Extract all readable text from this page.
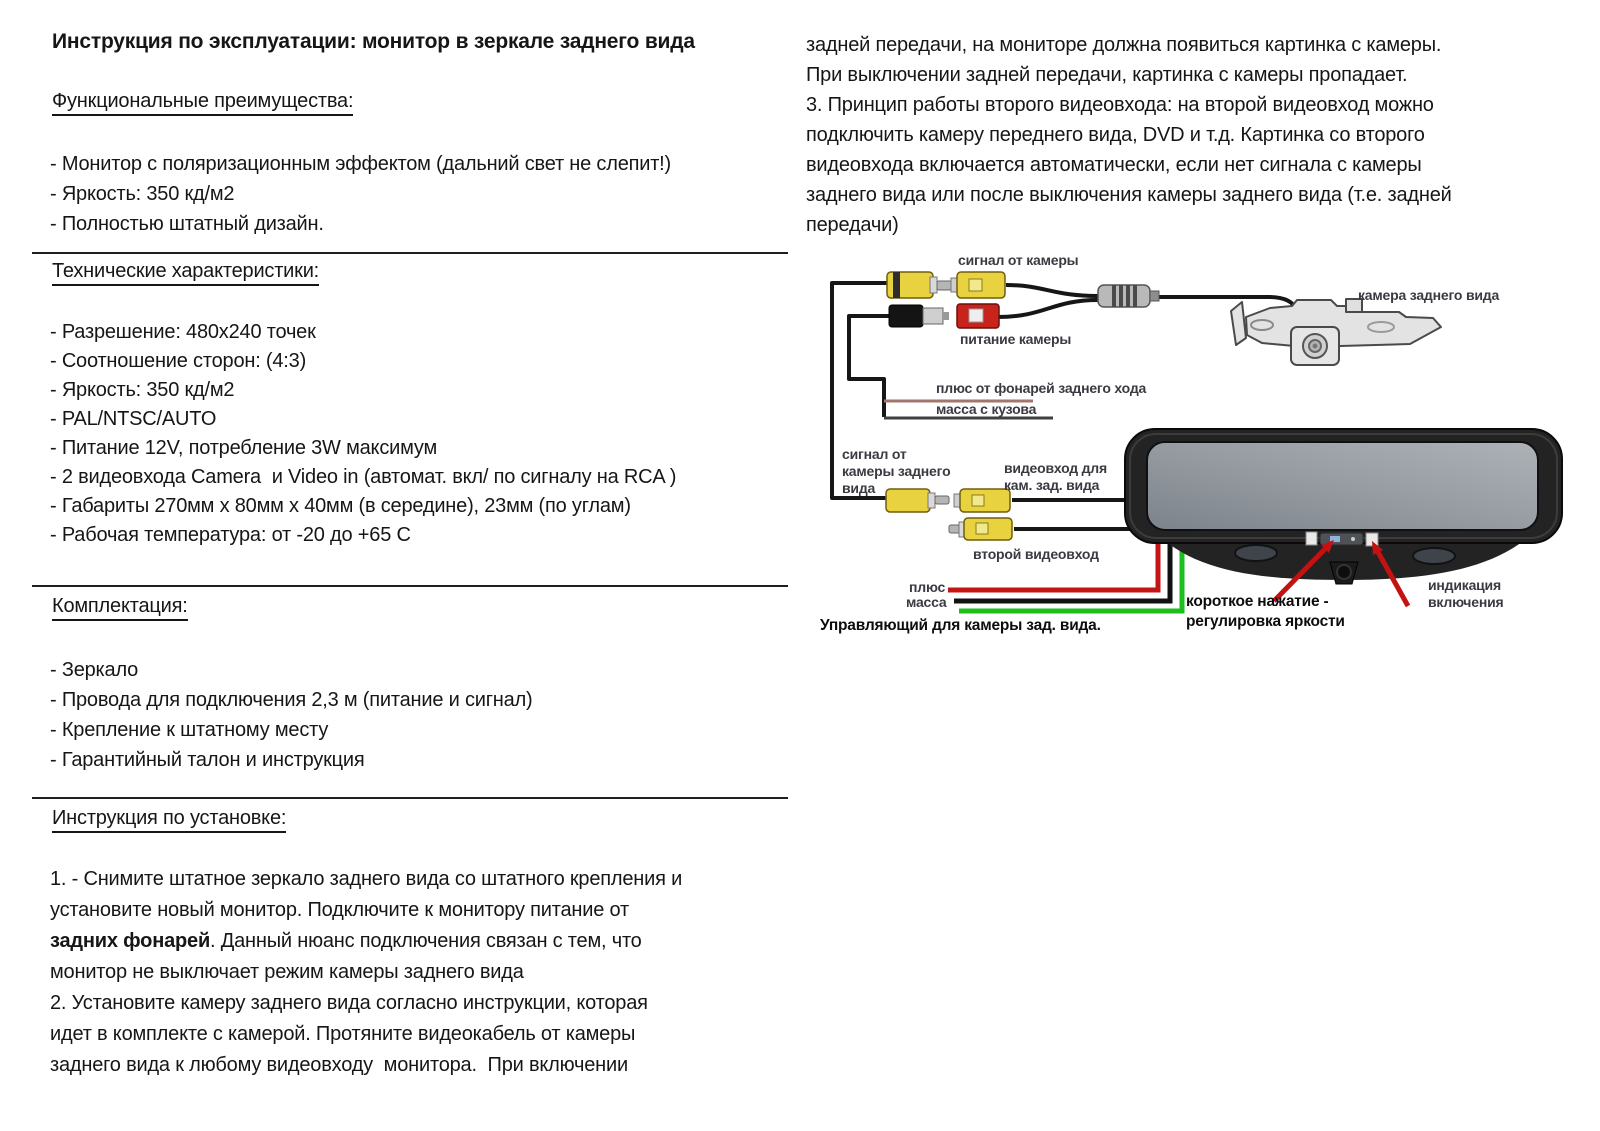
Инструкция по эксплуатации: монитор в зеркале заднего вида
Функциональные преимущества:
- Монитор с поляризационным эффектом (дальний свет не слепит!)
- Яркость: 350 кд/м2
- Полностью штатный дизайн.
Технические характеристики:
- Разрешение: 480x240 точек
- Соотношение сторон: (4:3)
- Яркость: 350 кд/м2
- PAL/NTSC/AUTO
- Питание 12V, потребление 3W максимум
- 2 видеовхода Camera  и Video in (автомат. вкл/ по сигналу на RCA )
- Габариты 270мм x 80мм x 40мм (в середине), 23мм (по углам)
- Рабочая температура: от -20 до +65 С
Комплектация:
- Зеркало
- Провода для подключения 2,3 м (питание и сигнал)
- Крепление к штатному месту
- Гарантийный талон и инструкция
Инструкция по установке:
1. - Снимите штатное зеркало заднего вида со штатного крепления и
установите новый монитор. Подключите к монитору питание от
задних фонарей. Данный нюанс подключения связан с тем, что
монитор не выключает режим камеры заднего вида
2. Установите камеру заднего вида согласно инструкции, которая
идет в комплекте с камерой. Протяните видеокабель от камеры
заднего вида к любому видеовходу  монитора.  При включении
задней передачи, на мониторе должна появиться картинка с камеры.
При выключении задней передачи, картинка с камеры пропадает.
3. Принцип работы второго видеовхода: на второй видеовход можно
подключить камеру переднего вида, DVD и т.д. Картинка со второго
видеовхода включается автоматически, если нет сигнала с камеры
заднего вида или после выключения камеры заднего вида (т.е. задней
передачи)
сигнал от камеры
питание камеры
камера заднего вида
плюс от фонарей заднего хода
масса с кузова
сигнал от
камеры заднего
вида
видеовход для
кам. зад. вида
второй видеовход
плюс
масса
Управляющий для камеры зад. вида.
короткое нажатие -
регулировка яркости
индикация
включения
